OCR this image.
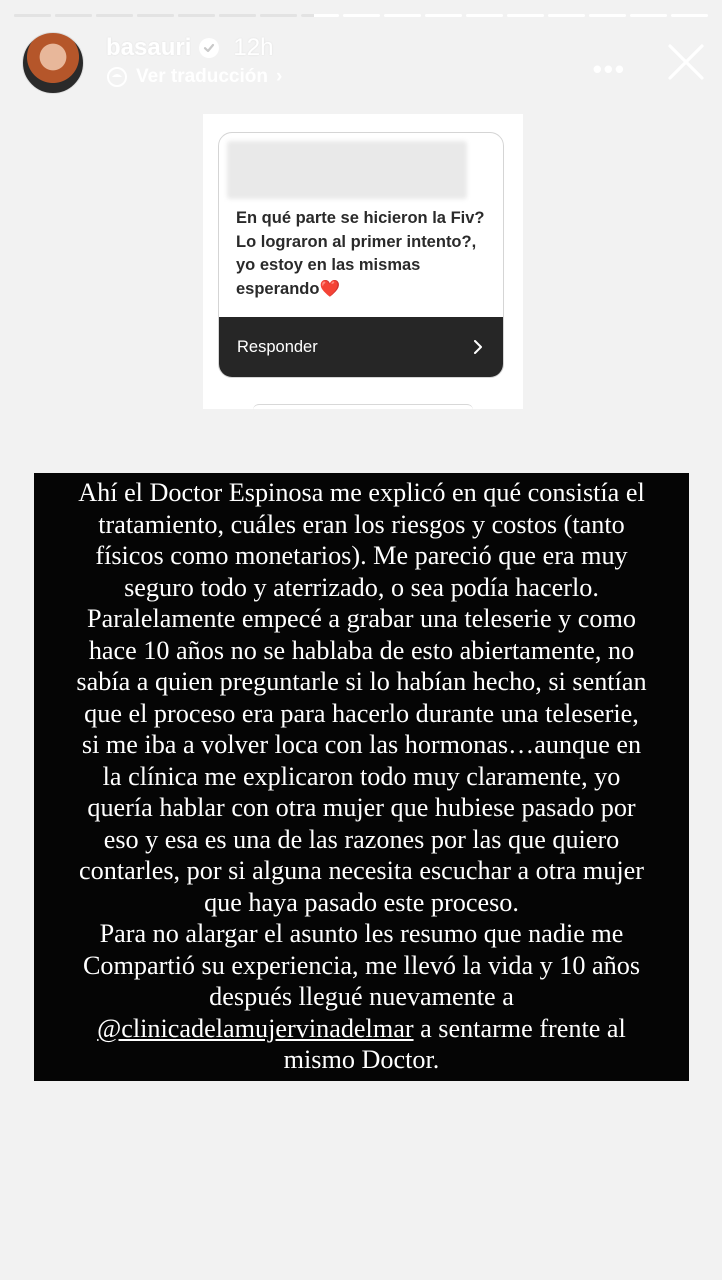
basauri 12h
Ver traducción ›	•••
En qué parte se hicieron la Fiv? Lo lograron al primer intento?, yo estoy en las mismas esperando❤️
Responder

Ahí el Doctor Espinosa me explicó en qué consistía el
tratamiento, cuáles eran los riesgos y costos (tanto
físicos como monetarios). Me pareció que era muy
seguro todo y aterrizado, o sea podía hacerlo.
Paralelamente empecé a grabar una teleserie y como
hace 10 años no se hablaba de esto abiertamente, no
sabía a quien preguntarle si lo habían hecho, si sentían
que el proceso era para hacerlo durante una teleserie,
si me iba a volver loca con las hormonas…aunque en
la clínica me explicaron todo muy claramente, yo
quería hablar con otra mujer que hubiese pasado por
eso y esa es una de las razones por las que quiero
contarles, por si alguna necesita escuchar a otra mujer
que haya pasado este proceso.
Para no alargar el asunto les resumo que nadie me
Compartió su experiencia, me llevó la vida y 10 años
después llegué nuevamente a
@clinicadelamujervinadelmar a sentarme frente al
mismo Doctor.
